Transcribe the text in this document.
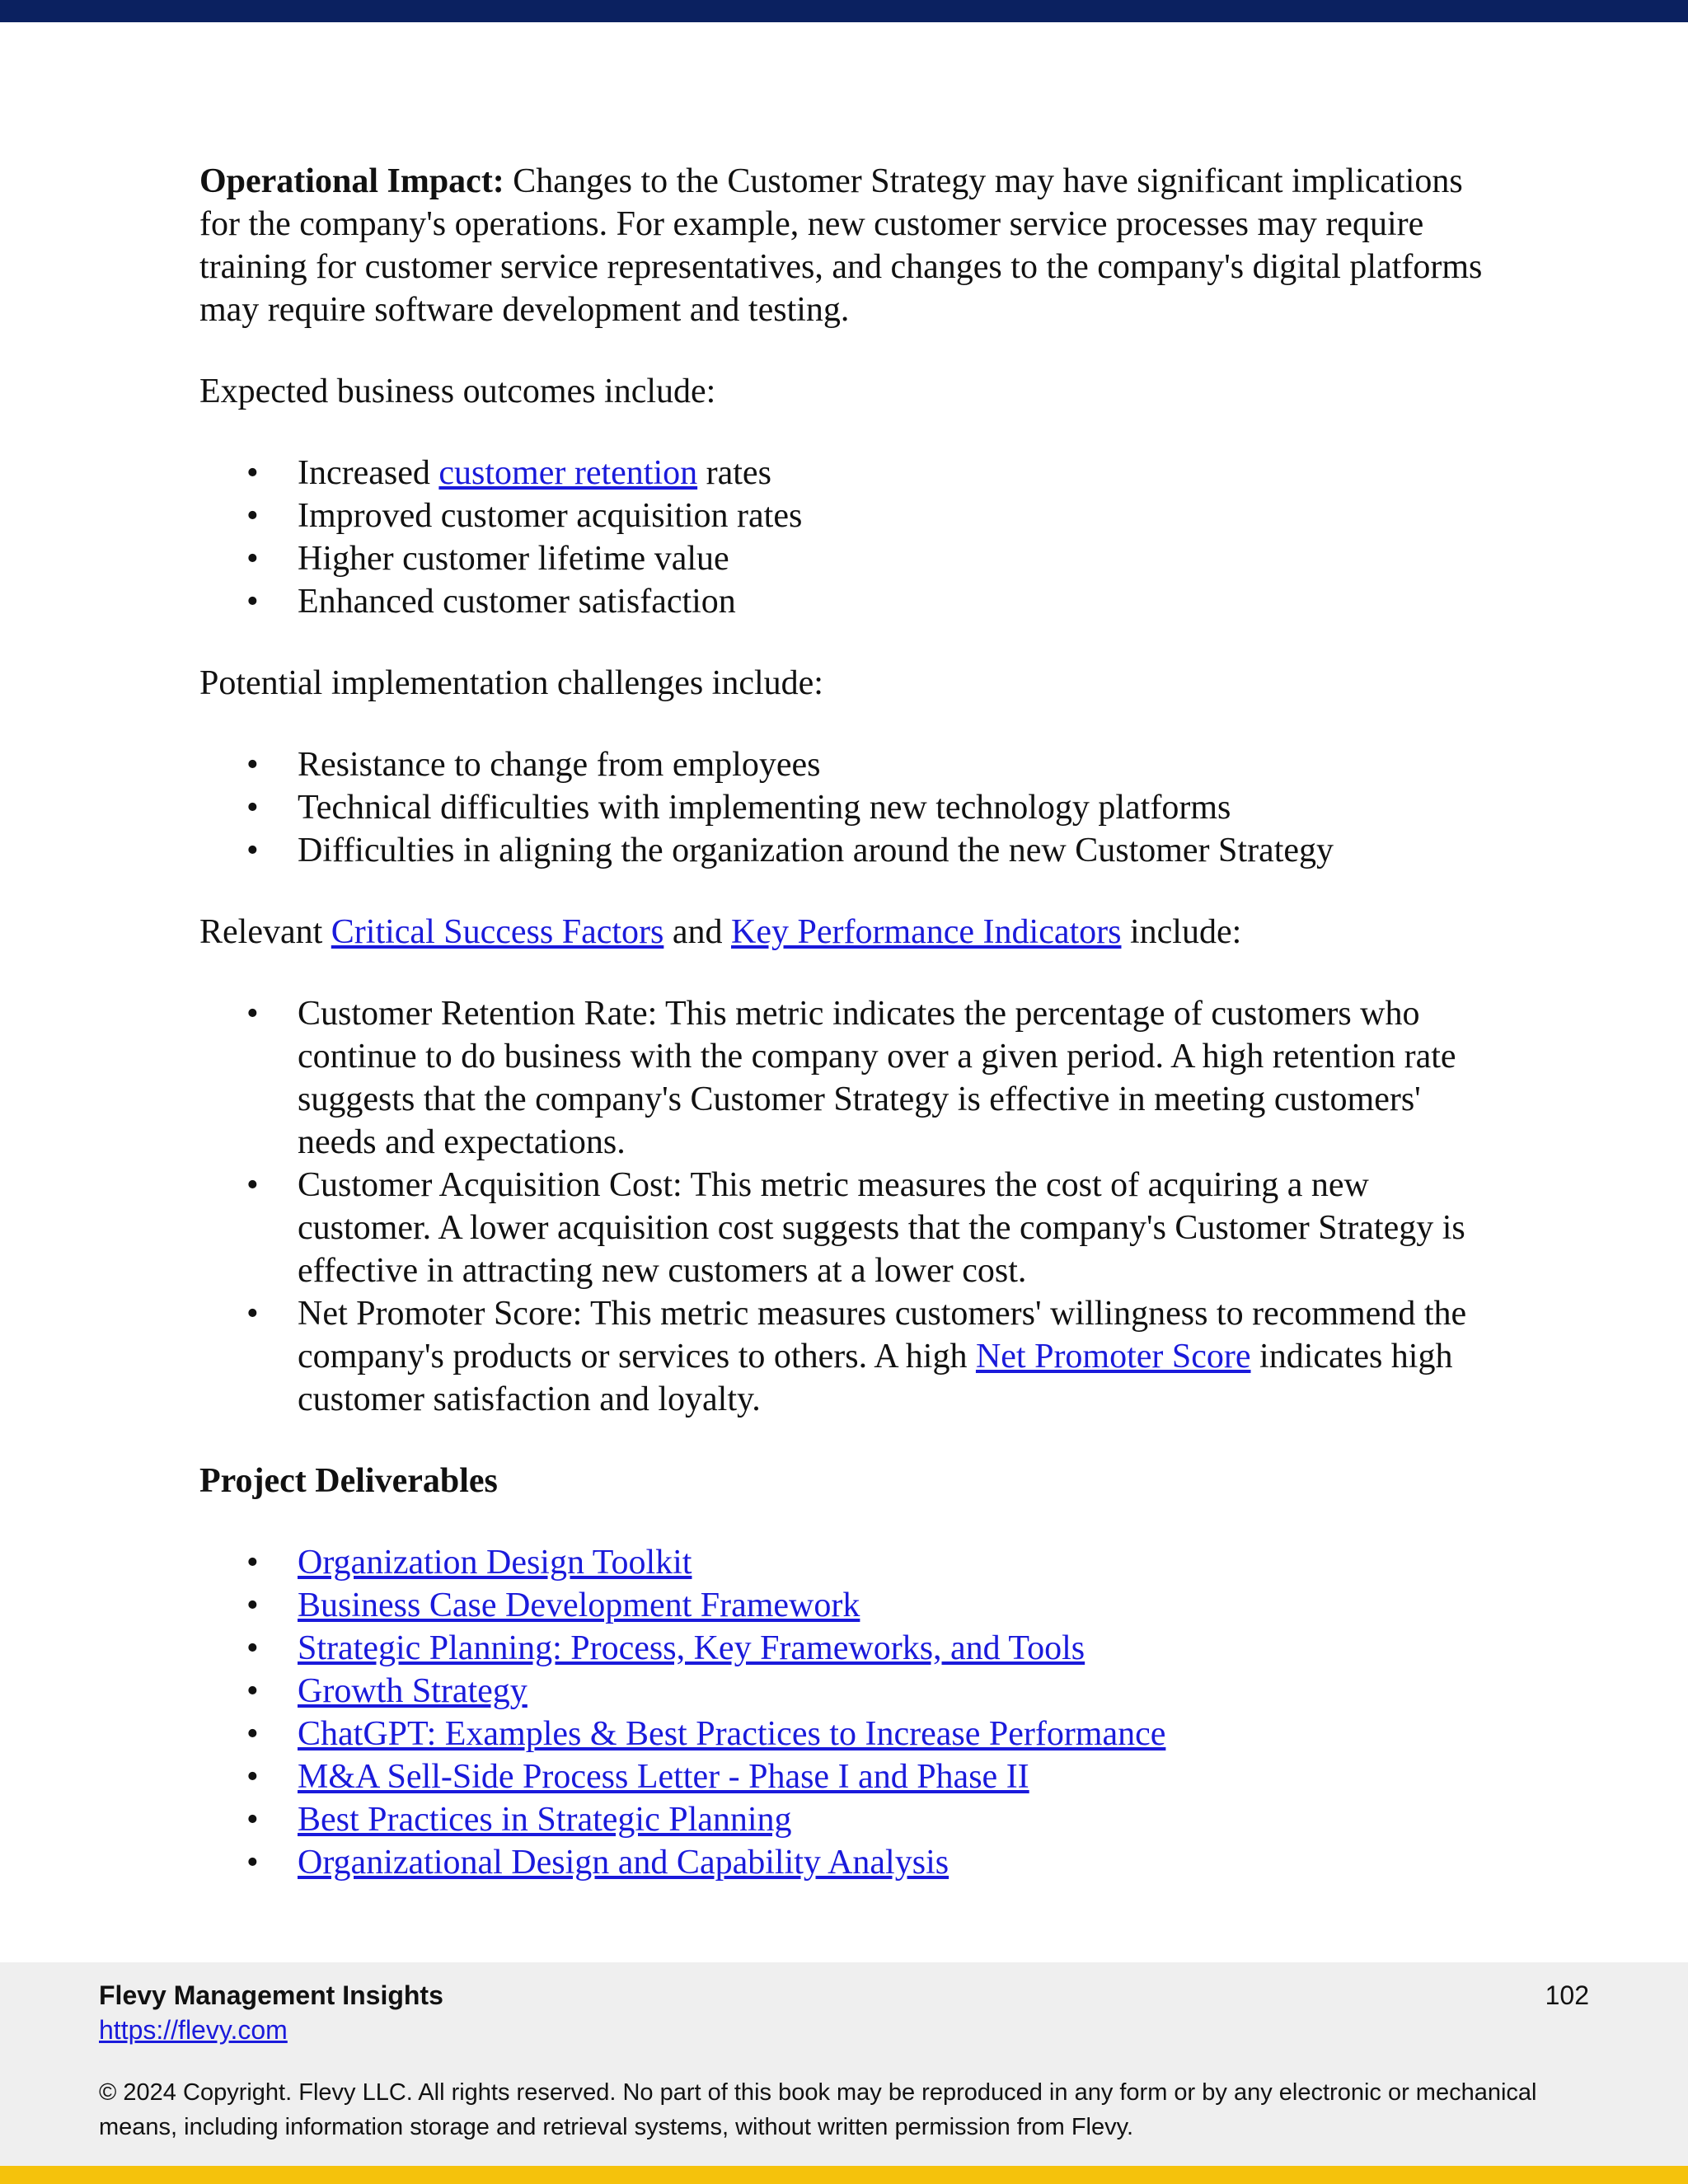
Operational Impact: Changes to the Customer Strategy may have significant implications for the company's operations. For example, new customer service processes may require training for customer service representatives, and changes to the company's digital platforms may require software development and testing.

Expected business outcomes include:

• Increased customer retention rates
• Improved customer acquisition rates
• Higher customer lifetime value
• Enhanced customer satisfaction

Potential implementation challenges include:

• Resistance to change from employees
• Technical difficulties with implementing new technology platforms
• Difficulties in aligning the organization around the new Customer Strategy

Relevant Critical Success Factors and Key Performance Indicators include:

• Customer Retention Rate: This metric indicates the percentage of customers who continue to do business with the company over a given period. A high retention rate suggests that the company's Customer Strategy is effective in meeting customers' needs and expectations.
• Customer Acquisition Cost: This metric measures the cost of acquiring a new customer. A lower acquisition cost suggests that the company's Customer Strategy is effective in attracting new customers at a lower cost.
• Net Promoter Score: This metric measures customers' willingness to recommend the company's products or services to others. A high Net Promoter Score indicates high customer satisfaction and loyalty.

Project Deliverables

• Organization Design Toolkit
• Business Case Development Framework
• Strategic Planning: Process, Key Frameworks, and Tools
• Growth Strategy
• ChatGPT: Examples & Best Practices to Increase Performance
• M&A Sell-Side Process Letter - Phase I and Phase II
• Best Practices in Strategic Planning
• Organizational Design and Capability Analysis
Flevy Management Insights
https://flevy.com
102
© 2024 Copyright. Flevy LLC. All rights reserved. No part of this book may be reproduced in any form or by any electronic or mechanical means, including information storage and retrieval systems, without written permission from Flevy.
